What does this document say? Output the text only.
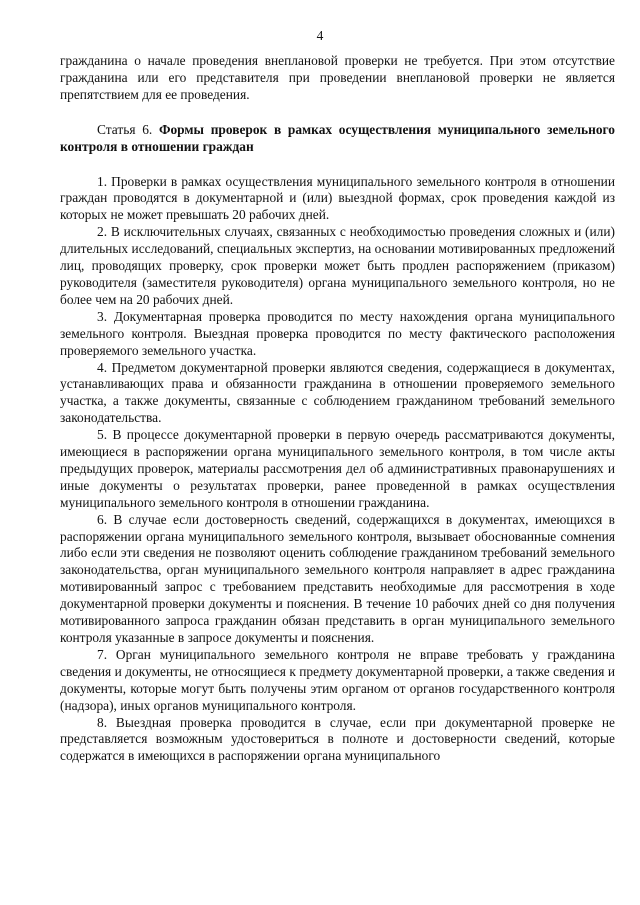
4

гражданина о начале проведения внеплановой проверки не требуется. При этом отсутствие гражданина или его представителя при проведении внеплановой проверки не является препятствием для ее проведения.

Статья 6. Формы проверок в рамках осуществления муниципального земельного контроля в отношении граждан

1. Проверки в рамках осуществления муниципального земельного контроля в отношении граждан проводятся в документарной и (или) выездной формах, срок проведения каждой из которых не может превышать 20 рабочих дней.

2. В исключительных случаях, связанных с необходимостью проведения сложных и (или) длительных исследований, специальных экспертиз, на основании мотивированных предложений лиц, проводящих проверку, срок проверки может быть продлен распоряжением (приказом) руководителя (заместителя руководителя) органа муниципального земельного контроля, но не более чем на 20 рабочих дней.

3. Документарная проверка проводится по месту нахождения органа муниципального земельного контроля. Выездная проверка проводится по месту фактического расположения проверяемого земельного участка.

4. Предметом документарной проверки являются сведения, содержащиеся в документах, устанавливающих права и обязанности гражданина в отношении проверяемого земельного участка, а также документы, связанные с соблюдением гражданином требований земельного законодательства.

5. В процессе документарной проверки в первую очередь рассматриваются документы, имеющиеся в распоряжении органа муниципального земельного контроля, в том числе акты предыдущих проверок, материалы рассмотрения дел об административных правонарушениях и иные документы о результатах проверки, ранее проведенной в рамках осуществления муниципального земельного контроля в отношении гражданина.

6. В случае если достоверность сведений, содержащихся в документах, имеющихся в распоряжении органа муниципального земельного контроля, вызывает обоснованные сомнения либо если эти сведения не позволяют оценить соблюдение гражданином требований земельного законодательства, орган муниципального земельного контроля направляет в адрес гражданина мотивированный запрос с требованием представить необходимые для рассмотрения в ходе документарной проверки документы и пояснения. В течение 10 рабочих дней со дня получения мотивированного запроса гражданин обязан представить в орган муниципального земельного контроля указанные в запросе документы и пояснения.

7. Орган муниципального земельного контроля не вправе требовать у гражданина сведения и документы, не относящиеся к предмету документарной проверки, а также сведения и документы, которые могут быть получены этим органом от органов государственного контроля (надзора), иных органов муниципального контроля.

8. Выездная проверка проводится в случае, если при документарной проверке не представляется возможным удостовериться в полноте и достоверности сведений, которые содержатся в имеющихся в распоряжении органа муниципального
